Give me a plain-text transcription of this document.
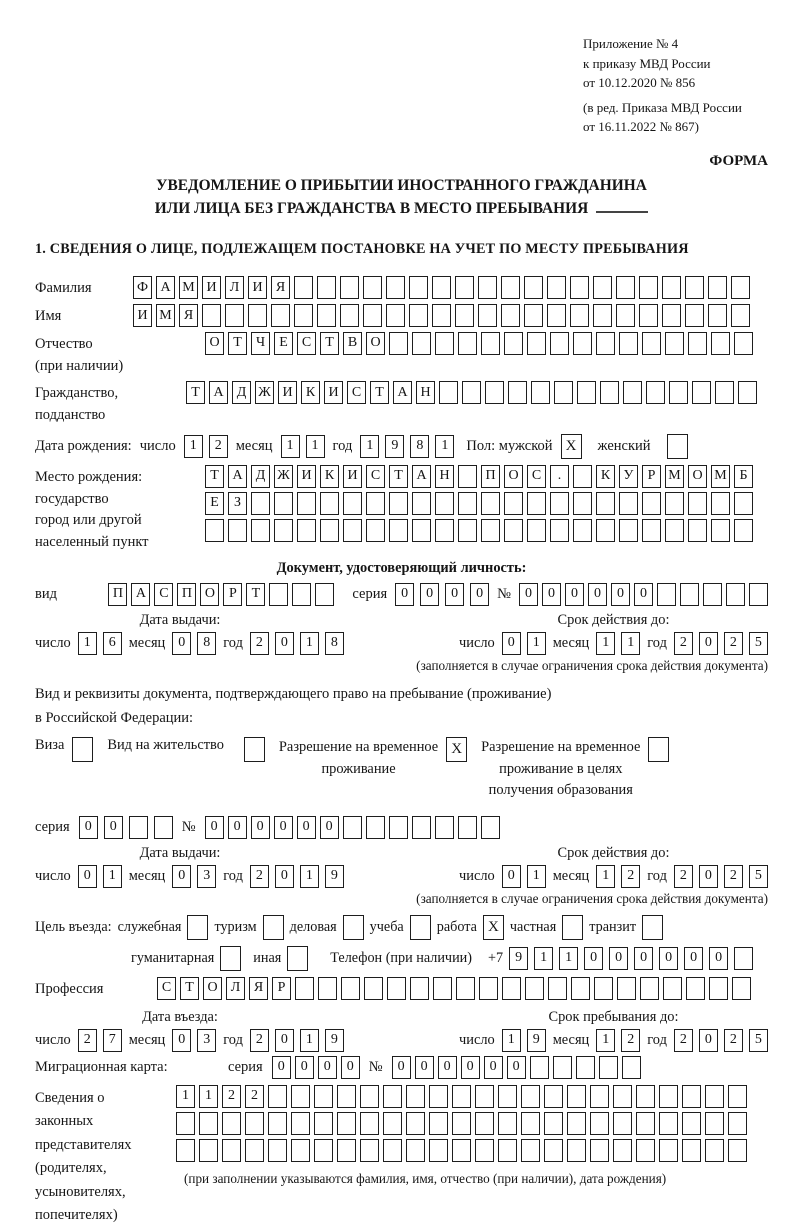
Приложение № 4
к приказу МВД России
от 10.12.2020 № 856
(в ред. Приказа МВД России
от 16.11.2022 № 867)
ФОРМА
УВЕДОМЛЕНИЕ О ПРИБЫТИИ ИНОСТРАННОГО ГРАЖДАНИНА
ИЛИ ЛИЦА БЕЗ ГРАЖДАНСТВА В МЕСТО ПРЕБЫВАНИЯ
1. СВЕДЕНИЯ О ЛИЦЕ, ПОДЛЕЖАЩЕМ ПОСТАНОВКЕ НА УЧЕТ ПО МЕСТУ ПРЕБЫВАНИЯ
Фамилия	Ф А М И Л И Я
Имя	И М Я
Отчество
(при наличии)
О Т	Ч	Е	С	Т	В О
Гражданство,
подданство
Т А Д Ж И К И С	Т А Н
Дата рождения: число	1	2 месяц	1	1 год	1	9	8	1	Пол: мужской X	женский
Место рождения:
государство
город или другой
населенный пункт
Т А Д Ж И К И С	Т А Н	П О С	.	К У	Р М О М Б
Е	З
Документ, удостоверяющий личность:
вид	П А С П О	Р	Т	серия	0	0	0	0 №	0	0	0	0	0	0
Дата выдачи:
число 1	6 месяц 0	8 год 2	0	1	8
Срок действия до:
число 0	1 месяц 1	1 год 2	0	2	5
(заполняется в случае ограничения срока действия документа)
Вид и реквизиты документа, подтверждающего право на пребывание (проживание)
в Российской Федерации:
Виза	Вид на жительство	Разрешение на временное
проживание
X	Разрешение на временное
проживание в целях
получения образования
серия	0	0	№	0	0	0	0	0	0
Дата выдачи:
число 0	1 месяц 0	3 год 2	0	1	9
Срок действия до:
число 0	1 месяц 1	2 год 2	0	2	5
(заполняется в случае ограничения срока действия документа)
Цель въезда: служебная туризм деловая учеба работа X частная транзит
гуманитарная	иная	Телефон (при наличии) +7 9	1	1	0	0	0	0	0	0
Профессия	С	Т О Л Я	Р
Дата въезда:
число 2	7 месяц 0	3 год 2	0	1	9
Срок пребывания до:
число 1	9 месяц 1	2 год 2	0	2	5
Миграционная карта:	серия	0	0	0	0	№	0	0	0	0	0	0
Сведения о
законных
представителях
(родителях,
усыновителях,
попечителях)
1	1	2	2
(при заполнении указываются фамилия, имя, отчество (при наличии), дата рождения)
